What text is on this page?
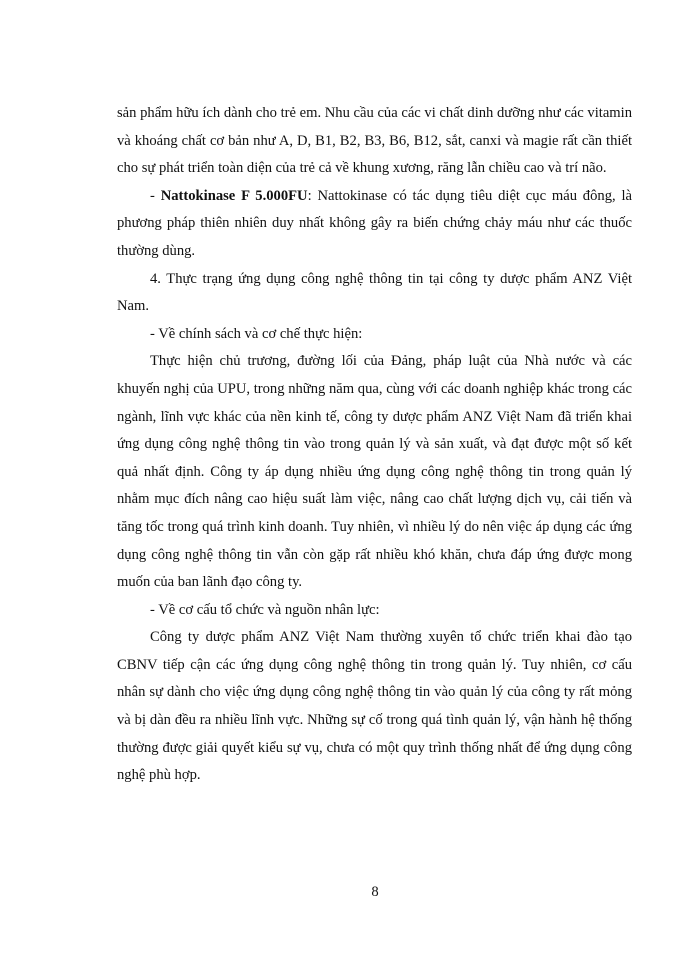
sản phẩm hữu ích dành cho trẻ em. Nhu cầu của các vi chất dinh dưỡng như các vitamin và khoáng chất cơ bản như A, D, B1, B2, B3, B6, B12, sắt, canxi và magie rất cần thiết cho sự phát triển toàn diện của trẻ cả về khung xương, răng lẫn chiều cao và trí não.

- Nattokinase F 5.000FU: Nattokinase có tác dụng tiêu diệt cục máu đông, là phương pháp thiên nhiên duy nhất không gây ra biến chứng chảy máu như các thuốc thường dùng.

4. Thực trạng ứng dụng công nghệ thông tin tại công ty dược phẩm ANZ Việt Nam.

- Về chính sách và cơ chế thực hiện:

Thực hiện chủ trương, đường lối của Đảng, pháp luật của Nhà nước và các khuyến nghị của UPU, trong những năm qua, cùng với các doanh nghiệp khác trong các ngành, lĩnh vực khác của nền kinh tế, công ty dược phẩm ANZ Việt Nam đã triển khai ứng dụng công nghệ thông tin vào trong quản lý và sản xuất, và đạt được một số kết quả nhất định. Công ty áp dụng nhiều ứng dụng công nghệ thông tin trong quản lý nhằm mục đích nâng cao hiệu suất làm việc, nâng cao chất lượng dịch vụ, cải tiến và tăng tốc trong quá trình kinh doanh. Tuy nhiên, vì nhiều lý do nên việc áp dụng các ứng dụng công nghệ thông tin vẫn còn gặp rất nhiều khó khăn, chưa đáp ứng được mong muốn của ban lãnh đạo công ty.

- Về cơ cấu tổ chức và nguồn nhân lực:

Công ty dược phẩm ANZ Việt Nam thường xuyên tổ chức triển khai đào tạo CBNV tiếp cận các ứng dụng công nghệ thông tin trong quản lý. Tuy nhiên, cơ cấu nhân sự dành cho việc ứng dụng công nghệ thông tin vào quản lý của công ty rất mỏng và bị dàn đều ra nhiều lĩnh vực. Những sự cố trong quá tình quản lý, vận hành hệ thống thường được giải quyết kiểu sự vụ, chưa có một quy trình thống nhất để ứng dụng công nghệ phù hợp.

8
